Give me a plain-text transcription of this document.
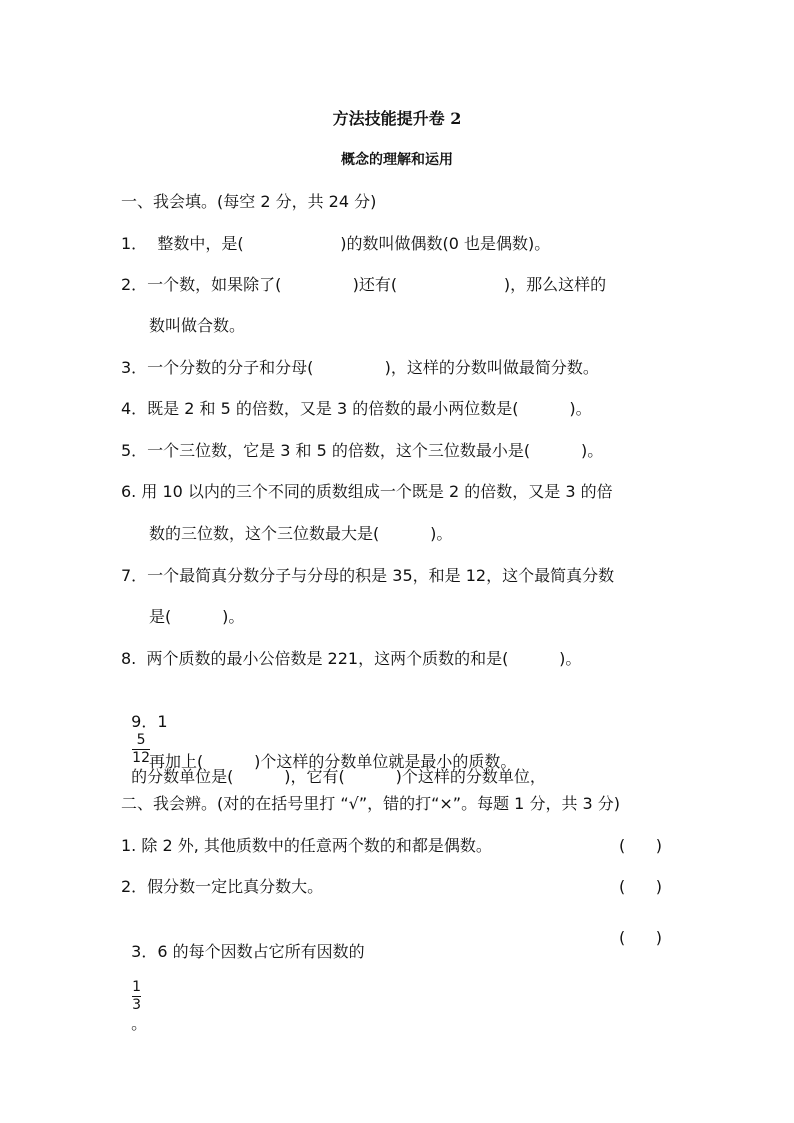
方法技能提升卷 2
概念的理解和运用
一、我会填。(每空 2 分，共 24 分)
1．  整数中，是(                   )的数叫做偶数(0 也是偶数)。
2．一个数，如果除了(              )还有(                     )，那么这样的
数叫做合数。
3．一个分数的分子和分母(              )，这样的分数叫做最简分数。
4．既是 2 和 5 的倍数，又是 3 的倍数的最小两位数是(          )。
5．一个三位数，它是 3 和 5 的倍数，这个三位数最小是(          )。
6. 用 10 以内的三个不同的质数组成一个既是 2 的倍数，又是 3 的倍
数的三位数，这个三位数最大是(          )。
7．一个最简真分数分子与分母的积是 35，和是 12，这个最简真分数
是(          )。
8.  两个质数的最小公倍数是 221，这两个质数的和是(          )。

9．1

$\frac{5}{12}$

的分数单位是(          )，它有(          )个这样的分数单位，

再加上(          )个这样的分数单位就是最小的质数。
二、我会辨。(对的在括号里打 “√”，错的打“×”。每题 1 分，共 3 分)
1. 除 2 外, 其他质数中的任意两个数的和都是偶数。	(      )
2．假分数一定比真分数大。	(      )

3．6 的每个因数占它所有因数的

$\frac{1}{3}$

。

(      )
